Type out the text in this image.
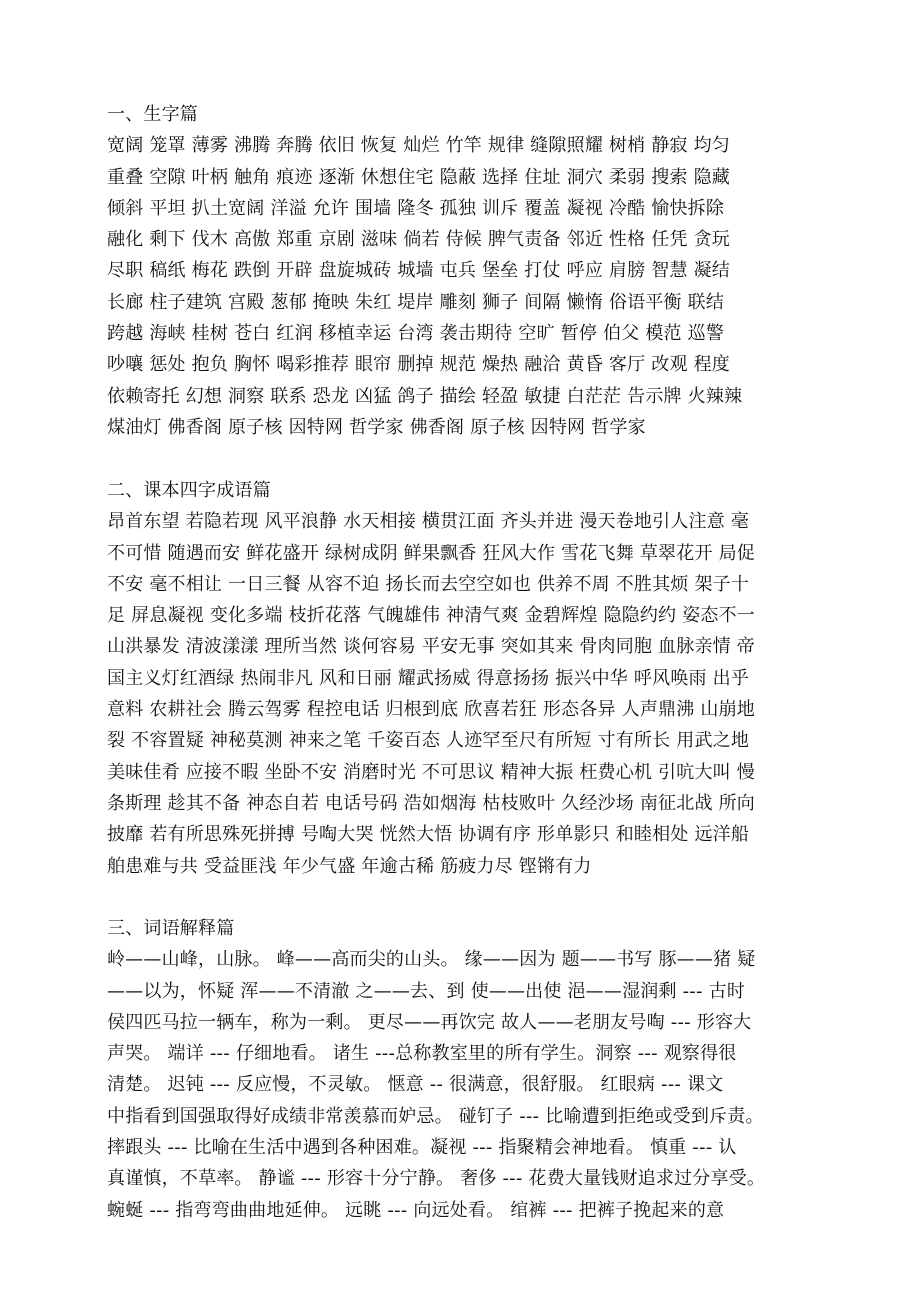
一、生字篇
宽阔 笼罩 薄雾 沸腾 奔腾 依旧 恢复 灿烂 竹竿 规律 缝隙照耀 树梢 静寂 均匀
重叠 空隙 叶柄 触角 痕迹 逐渐 休想住宅 隐蔽 选择 住址 洞穴 柔弱 搜索 隐藏
倾斜 平坦 扒土宽阔 洋溢 允许 围墙 隆冬 孤独 训斥 覆盖 凝视 冷酷 愉快拆除
融化 剩下 伐木 高傲 郑重 京剧 滋味 倘若 侍候 脾气责备 邻近 性格 任凭 贪玩
尽职 稿纸 梅花 跌倒 开辟 盘旋城砖 城墙 屯兵 堡垒 打仗 呼应 肩膀 智慧 凝结
长廊 柱子建筑 宫殿 葱郁 掩映 朱红 堤岸 雕刻 狮子 间隔 懒惰 俗语平衡 联结
跨越 海峡 桂树 苍白 红润 移植幸运 台湾 袭击期待 空旷 暂停 伯父 模范 巡警
吵嚷 惩处 抱负 胸怀 喝彩推荐 眼帘 删掉 规范 燥热 融洽 黄昏 客厅 改观 程度
依赖寄托 幻想 洞察 联系 恐龙 凶猛 鸽子 描绘 轻盈 敏捷 白茫茫 告示牌 火辣辣
煤油灯 佛香阁 原子核 因特网 哲学家 佛香阁 原子核 因特网 哲学家
二、课本四字成语篇
昂首东望 若隐若现 风平浪静 水天相接 横贯江面 齐头并进 漫天卷地引人注意 毫
不可惜 随遇而安 鲜花盛开 绿树成阴 鲜果飘香 狂风大作 雪花飞舞 草翠花开 局促
不安 毫不相让 一日三餐 从容不迫 扬长而去空空如也 供养不周 不胜其烦 架子十
足 屏息凝视 变化多端 枝折花落 气魄雄伟 神清气爽 金碧辉煌 隐隐约约 姿态不一
山洪暴发 清波漾漾 理所当然 谈何容易 平安无事 突如其来 骨肉同胞 血脉亲情 帝
国主义灯红酒绿 热闹非凡 风和日丽 耀武扬威 得意扬扬 振兴中华 呼风唤雨 出乎
意料 农耕社会 腾云驾雾 程控电话 归根到底 欣喜若狂 形态各异 人声鼎沸 山崩地
裂 不容置疑 神秘莫测 神来之笔 千姿百态 人迹罕至尺有所短 寸有所长 用武之地
美味佳肴 应接不暇 坐卧不安 消磨时光 不可思议 精神大振 枉费心机 引吭大叫 慢
条斯理 趁其不备 神态自若 电话号码 浩如烟海 枯枝败叶 久经沙场 南征北战 所向
披靡 若有所思殊死拼搏 号啕大哭 恍然大悟 协调有序 形单影只 和睦相处 远洋船
舶患难与共 受益匪浅 年少气盛 年逾古稀 筋疲力尽 铿锵有力
三、词语解释篇
岭——山峰，山脉。 峰——高而尖的山头。 缘——因为 题——书写 豚——猪 疑
——以为，怀疑 浑——不清澈 之——去、到 使——出使 浥——湿润剩 --- 古时
侯四匹马拉一辆车，称为一剩。 更尽——再饮完 故人——老朋友号啕 --- 形容大
声哭。 端详 --- 仔细地看。 诸生 ---总称教室里的所有学生。洞察 --- 观察得很
清楚。 迟钝 --- 反应慢，不灵敏。 惬意 -- 很满意，很舒服。 红眼病 --- 课文
中指看到国强取得好成绩非常羡慕而妒忌。 碰钉子 --- 比喻遭到拒绝或受到斥责。
摔跟头 --- 比喻在生活中遇到各种困难。凝视 --- 指聚精会神地看。 慎重 --- 认
真谨慎，不草率。 静谧 --- 形容十分宁静。 奢侈 --- 花费大量钱财追求过分享受。
蜿蜒 --- 指弯弯曲曲地延伸。 远眺 --- 向远处看。 绾裤 --- 把裤子挽起来的意
